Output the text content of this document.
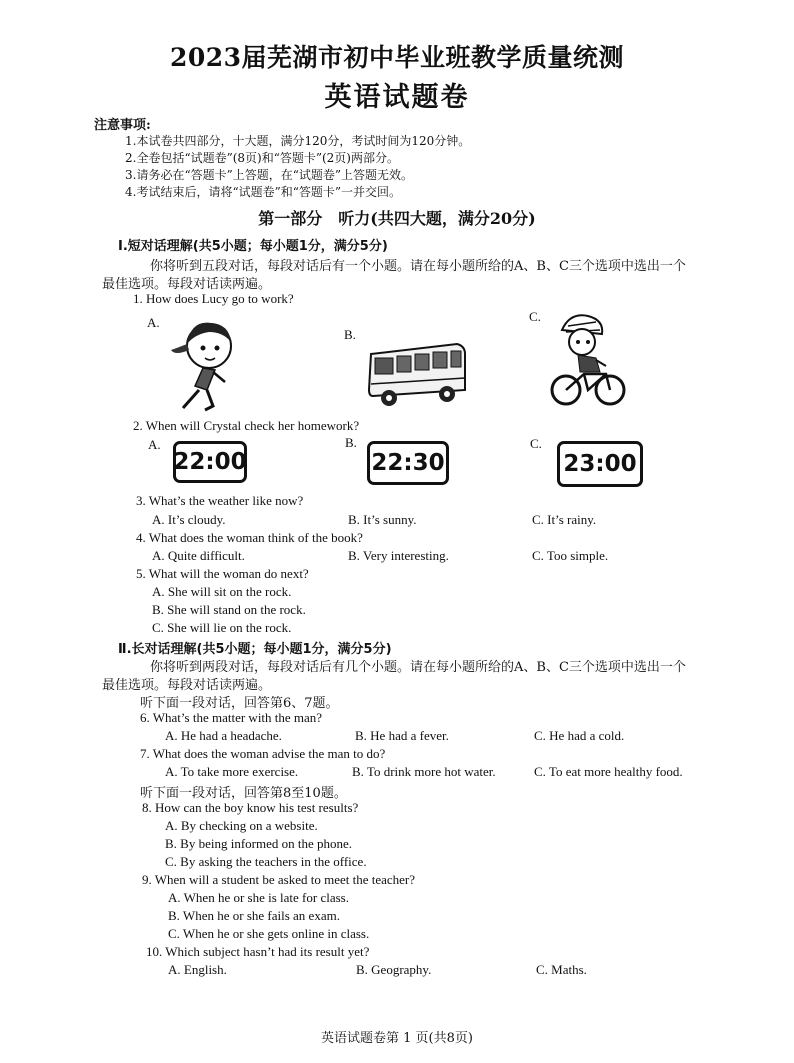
2023届芜湖市初中毕业班教学质量统测
英语试题卷
注意事项:
1.本试卷共四部分，十大题，满分120分，考试时间为120分钟。
2.全卷包括“试题卷”(8页)和“答题卡”(2页)两部分。
3.请务必在“答题卡”上答题，在“试题卷”上答题无效。
4.考试结束后，请将“试题卷”和“答题卡”一并交回。
第一部分　听力(共四大题，满分20分)
Ⅰ.短对话理解(共5小题；每小题1分，满分5分)
你将听到五段对话，每段对话后有一个小题。请在每小题所给的A、B、C三个选项中选出一个
最佳选项。每段对话读两遍。
1. How does Lucy go to work?
A.
B.
C.
2. When will Crystal check her homework?
A.	B.	C.
22:00	22:30	23:00
3. What’s the weather like now?
A. It’s cloudy.	B. It’s sunny.	C. It’s rainy.
4. What does the woman think of the book?
A. Quite difficult.	B. Very interesting.	C. Too simple.
5. What will the woman do next?
A. She will sit on the rock.
B. She will stand on the rock.
C. She will lie on the rock.
Ⅱ.长对话理解(共5小题；每小题1分，满分5分)
你将听到两段对话，每段对话后有几个小题。请在每小题所给的A、B、C三个选项中选出一个
最佳选项。每段对话读两遍。
听下面一段对话，回答第6、7题。
6. What’s the matter with the man?
A. He had a headache.	B. He had a fever.	C. He had a cold.
7. What does the woman advise the man to do?
A. To take more exercise.	B. To drink more hot water.	C. To eat more healthy food.
听下面一段对话，回答第8至10题。
8. How can the boy know his test results?
A. By checking on a website.
B. By being informed on the phone.
C. By asking the teachers in the office.
9. When will a student be asked to meet the teacher?
A. When he or she is late for class.
B. When he or she fails an exam.
C. When he or she gets online in class.
10. Which subject hasn’t had its result yet?
A. English.	B. Geography.	C. Maths.
英语试题卷第 1 页(共8页)
